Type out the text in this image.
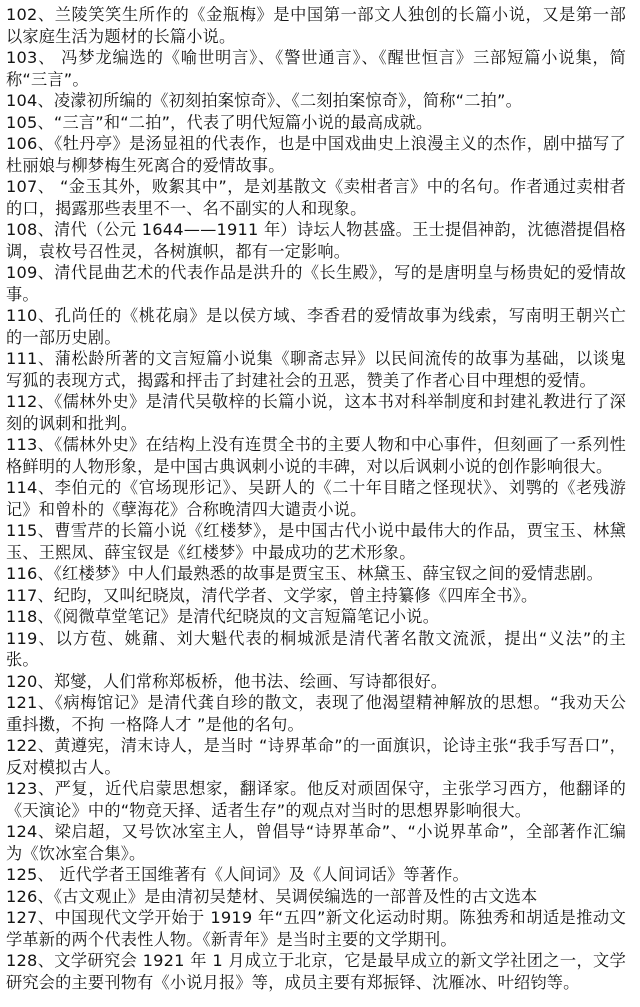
102、兰陵笑笑生所作的《金瓶梅》是中国第一部文人独创的长篇小说，又是第一部以家庭生活为题材的长篇小说。

103、 冯梦龙编选的《喻世明言》、《警世通言》、《醒世恒言》三部短篇小说集，简称“三言”。

104、凌濛初所编的《初刻拍案惊奇》、《二刻拍案惊奇》，简称“二拍”。

105、“三言”和“二拍”，代表了明代短篇小说的最高成就。

106、《牡丹亭》是汤显祖的代表作，也是中国戏曲史上浪漫主义的杰作，剧中描写了杜丽娘与柳梦梅生死离合的爱情故事。

107、 “金玉其外，败絮其中”，是刘基散文《卖柑者言》中的名句。作者通过卖柑者的口，揭露那些表里不一、名不副实的人和现象。

108、清代（公元 1644——1911 年）诗坛人物甚盛。王士提倡神韵，沈德潜提倡格调，袁枚号召性灵，各树旗帜，都有一定影响。

109、清代昆曲艺术的代表作品是洪升的《长生殿》，写的是唐明皇与杨贵妃的爱情故事。

110、孔尚任的《桃花扇》是以侯方域、李香君的爱情故事为线索，写南明王朝兴亡的一部历史剧。

111、蒲松龄所著的文言短篇小说集《聊斋志异》以民间流传的故事为基础，以谈鬼写狐的表现方式，揭露和抨击了封建社会的丑恶，赞美了作者心目中理想的爱情。

112、《儒林外史》是清代吴敬梓的长篇小说，这本书对科举制度和封建礼教进行了深刻的讽刺和批判。

113、《儒林外史》在结构上没有连贯全书的主要人物和中心事件，但刻画了一系列性格鲜明的人物形象，是中国古典讽刺小说的丰碑，对以后讽刺小说的创作影响很大。

114、李伯元的《官场现形记》、吴趼人的《二十年目睹之怪现状》、刘鹗的《老残游记》和曾朴的《孽海花》合称晚清四大谴责小说。

115、曹雪芹的长篇小说《红楼梦》，是中国古代小说中最伟大的作品，贾宝玉、林黛玉、王熙凤、薛宝钗是《红楼梦》中最成功的艺术形象。

116、《红楼梦》中人们最熟悉的故事是贾宝玉、林黛玉、薛宝钗之间的爱情悲剧。

117、纪昀，又叫纪晓岚，清代学者、文学家，曾主持纂修《四库全书》。

118、《阅微草堂笔记》是清代纪晓岚的文言短篇笔记小说。

119、以方苞、姚鼐、刘大魁代表的桐城派是清代著名散文流派，提出“义法”的主张。

120、郑燮，人们常称郑板桥，他书法、绘画、写诗都很好。

121、《病梅馆记》是清代龚自珍的散文，表现了他渴望精神解放的思想。“我劝天公重抖擞，不拘 一格降人才 ”是他的名句。

122、黄遵宪，清末诗人，是当时 “诗界革命”的一面旗识，论诗主张“我手写吾口”，反对模拟古人。

123、严复，近代启蒙思想家，翻译家。他反对顽固保守，主张学习西方，他翻译的《天演论》中的“物竞天择、适者生存”的观点对当时的思想界影响很大。

124、梁启超，又号饮冰室主人，曾倡导“诗界革命”、“小说界革命”，全部著作汇编为《饮冰室合集》。

125、 近代学者王国维著有《人间词》及《人间词话》等著作。

126、《古文观止》是由清初吴楚材、吴调侯编选的一部普及性的古文选本

127、中国现代文学开始于 1919 年“五四”新文化运动时期。陈独秀和胡适是推动文学革新的两个代表性人物。《新青年》是当时主要的文学期刊。

128、文学研究会 1921 年 1 月成立于北京，它是最早成立的新文学社团之一，文学研究会的主要刊物有《小说月报》等，成员主要有郑振铎、沈雁冰、叶绍钧等。
